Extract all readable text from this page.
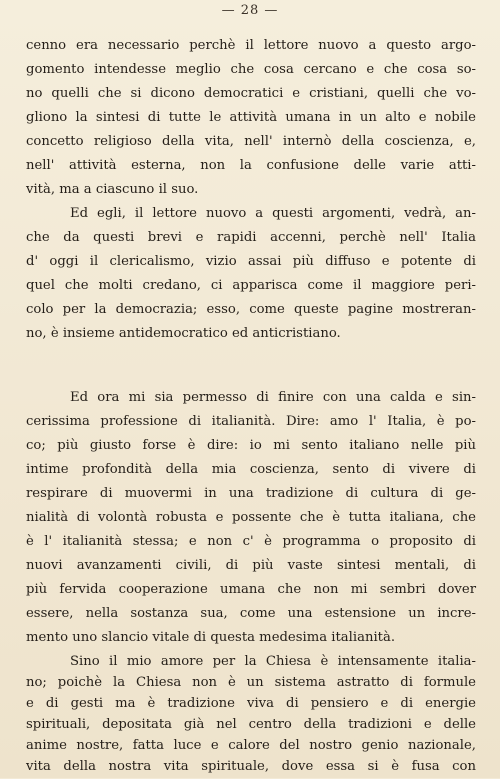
— 28 —
cenno era necessario perchè il lettore nuovo a questo argo-
gomento intendesse meglio che cosa cercano e che cosa so-
no quelli che si dicono democratici e cristiani, quelli che vo-
gliono la sintesi di tutte le attività umana in un alto e nobile
concetto religioso della vita, nell' internò della coscienza, e,
nell' attività esterna, non la confusione delle varie atti-
vità, ma a ciascuno il suo.
Ed egli, il lettore nuovo a questi argomenti, vedrà, an-
che da questi brevi e rapidi accenni, perchè nell' Italia
d' oggi il clericalismo, vizio assai più diffuso e potente di
quel che molti credano, ci apparisca come il maggiore peri-
colo per la democrazia; esso, come queste pagine mostreran-
no, è insieme antidemocratico ed anticristiano.
Ed ora mi sia permesso di finire con una calda e sin-
cerissima professione di italianità. Dire: amo l' Italia, è po-
co; più giusto forse è dire: io mi sento italiano nelle più
intime profondità della mia coscienza, sento di vivere di
respirare di muovermi in una tradizione di cultura di ge-
nialità di volontà robusta e possente che è tutta italiana, che
è l' italianità stessa; e non c' è programma o proposito di
nuovi avanzamenti civili, di più vaste sintesi mentali, di
più fervida cooperazione umana che non mi sembri dover
essere, nella sostanza sua, come una estensione un incre-
mento uno slancio vitale di questa medesima italianità.
Sino il mio amore per la Chiesa è intensamente italia-
no; poichè la Chiesa non è un sistema astratto di formule
e di gesti ma è tradizione viva di pensiero e di energie
spirituali, depositata già nel centro della tradizioni e delle
anime nostre, fatta luce e calore del nostro genio nazionale,
vita della nostra vita spirituale, dove essa si è fusa con
